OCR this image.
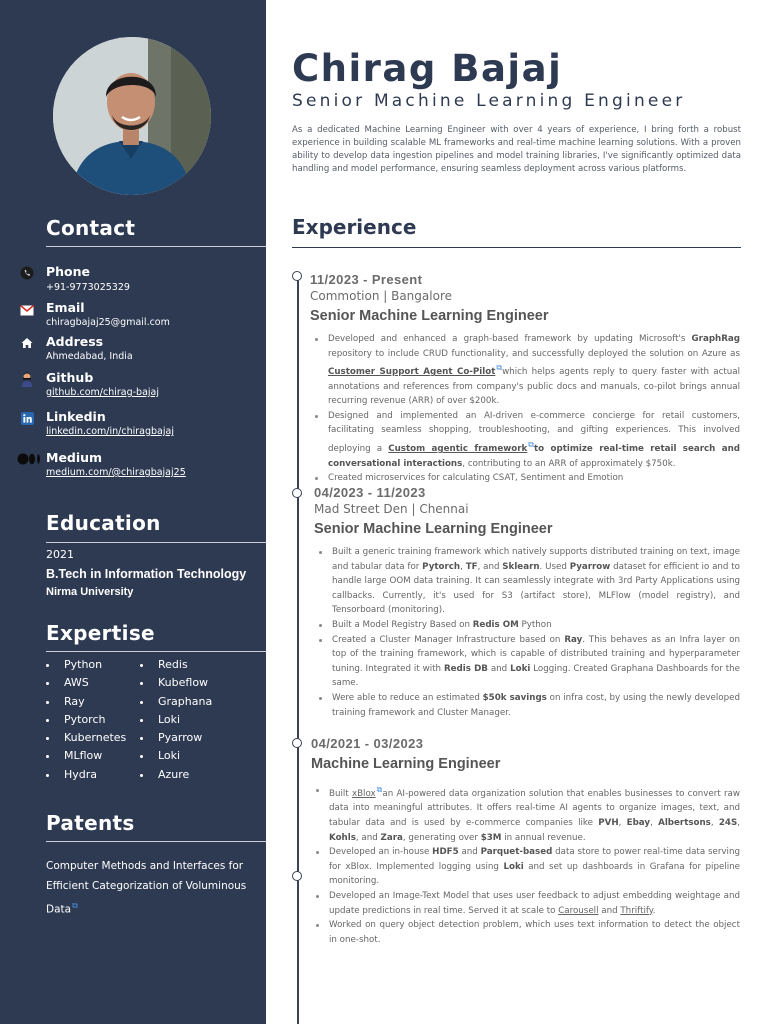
Contact
Phone
+91-9773025329
Email
chiragbajaj25@gmail.com
Address
Ahmedabad, India
Github
github.com/chirag-bajaj
Linkedin
linkedin.com/in/chiragbajaj
Medium
medium.com/@chiragbajaj25
Education
2021
B.Tech in Information Technology
Nirma University
Expertise
Python
AWS
Ray
Pytorch
Kubernetes
MLflow
Hydra
Redis
Kubeflow
Graphana
Loki
Pyarrow
Loki
Azure
Patents
Computer Methods and Interfaces for Efficient Categorization of Voluminous Data⧉
Chirag Bajaj
Senior Machine Learning Engineer

As a dedicated Machine Learning Engineer with over 4 years of experience, I bring forth a robust experience in building scalable ML frameworks and real-time machine learning solutions. With a proven ability to develop data ingestion pipelines and model training libraries, I've significantly optimized data handling and model performance, ensuring seamless deployment across various platforms.

Experience
11/2023 - Present
Commotion | Bangalore
Senior Machine Learning Engineer
Developed and enhanced a graph-based framework by updating Microsoft's GraphRag repository to include CRUD functionality, and successfully deployed the solution on Azure as Customer Support Agent Co-Pilot⧉which helps agents reply to query faster with actual annotations and references from company's public docs and manuals, co-pilot brings annual recurring revenue (ARR) of over $200k.
Designed and implemented an AI-driven e-commerce concierge for retail customers, facilitating seamless shopping, troubleshooting, and gifting experiences. This involved deploying a Custom agentic framework⧉to optimize real-time retail search and conversational interactions, contributing to an ARR of approximately $750k.
Created microservices for calculating CSAT, Sentiment and Emotion
04/2023 - 11/2023
Mad Street Den | Chennai
Senior Machine Learning Engineer
Built a generic training framework which natively supports distributed training on text, image and tabular data for Pytorch, TF, and Sklearn. Used Pyarrow dataset for efficient io and to handle large OOM data training. It can seamlessly integrate with 3rd Party Applications using callbacks. Currently, it's used for S3 (artifact store), MLFlow (model registry), and Tensorboard (monitoring).
Built a Model Registry Based on Redis OM Python
Created a Cluster Manager Infrastructure based on Ray. This behaves as an Infra layer on top of the training framework, which is capable of distributed training and hyperparameter tuning. Integrated it with Redis DB and Loki Logging. Created Graphana Dashboards for the same.
Were able to reduce an estimated $50k savings on infra cost, by using the newly developed training framework and Cluster Manager.
04/2021 - 03/2023
Machine Learning Engineer
Built xBlox⧉an AI-powered data organization solution that enables businesses to convert raw data into meaningful attributes. It offers real-time AI agents to organize images, text, and tabular data and is used by e-commerce companies like PVH, Ebay, Albertsons, 24S, Kohls, and Zara, generating over $3M in annual revenue.
Developed an in-house HDF5 and Parquet-based data store to power real-time data serving for xBlox. Implemented logging using Loki and set up dashboards in Grafana for pipeline monitoring.
Developed an Image-Text Model that uses user feedback to adjust embedding weightage and update predictions in real time. Served it at scale to Carousell and Thriftify.
Worked on query object detection problem, which uses text information to detect the object in one-shot.
